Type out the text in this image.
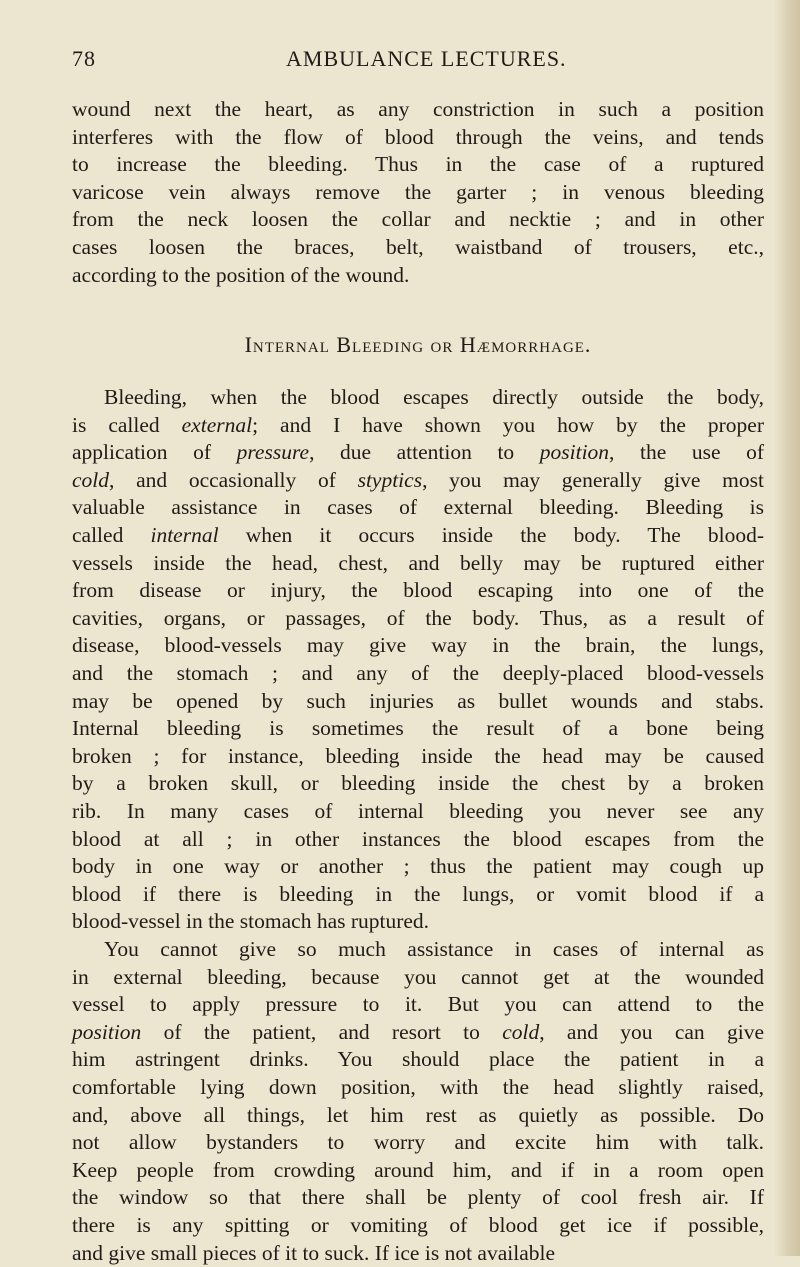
78	AMBULANCE LECTURES.
wound next the heart, as any constriction in such a position
interferes with the flow of blood through the veins, and tends
to increase the bleeding. Thus in the case of a ruptured
varicose vein always remove the garter ; in venous bleeding
from the neck loosen the collar and necktie ; and in other
cases loosen the braces, belt, waistband of trousers, etc.,
according to the position of the wound.
Internal Bleeding or Hæmorrhage.
Bleeding, when the blood escapes directly outside the body,
is called external; and I have shown you how by the proper
application of pressure, due attention to position, the use of
cold, and occasionally of styptics, you may generally give most
valuable assistance in cases of external bleeding. Bleeding is
called internal when it occurs inside the body. The blood-
vessels inside the head, chest, and belly may be ruptured either
from disease or injury, the blood escaping into one of the
cavities, organs, or passages, of the body. Thus, as a result of
disease, blood-vessels may give way in the brain, the lungs,
and the stomach ; and any of the deeply-placed blood-vessels
may be opened by such injuries as bullet wounds and stabs.
Internal bleeding is sometimes the result of a bone being
broken ; for instance, bleeding inside the head may be caused
by a broken skull, or bleeding inside the chest by a broken
rib. In many cases of internal bleeding you never see any
blood at all ; in other instances the blood escapes from the
body in one way or another ; thus the patient may cough up
blood if there is bleeding in the lungs, or vomit blood if a
blood-vessel in the stomach has ruptured.
You cannot give so much assistance in cases of internal as
in external bleeding, because you cannot get at the wounded
vessel to apply pressure to it. But you can attend to the
position of the patient, and resort to cold, and you can give
him astringent drinks. You should place the patient in a
comfortable lying down position, with the head slightly raised,
and, above all things, let him rest as quietly as possible. Do
not allow bystanders to worry and excite him with talk.
Keep people from crowding around him, and if in a room open
the window so that there shall be plenty of cool fresh air. If
there is any spitting or vomiting of blood get ice if possible,
and give small pieces of it to suck. If ice is not available
